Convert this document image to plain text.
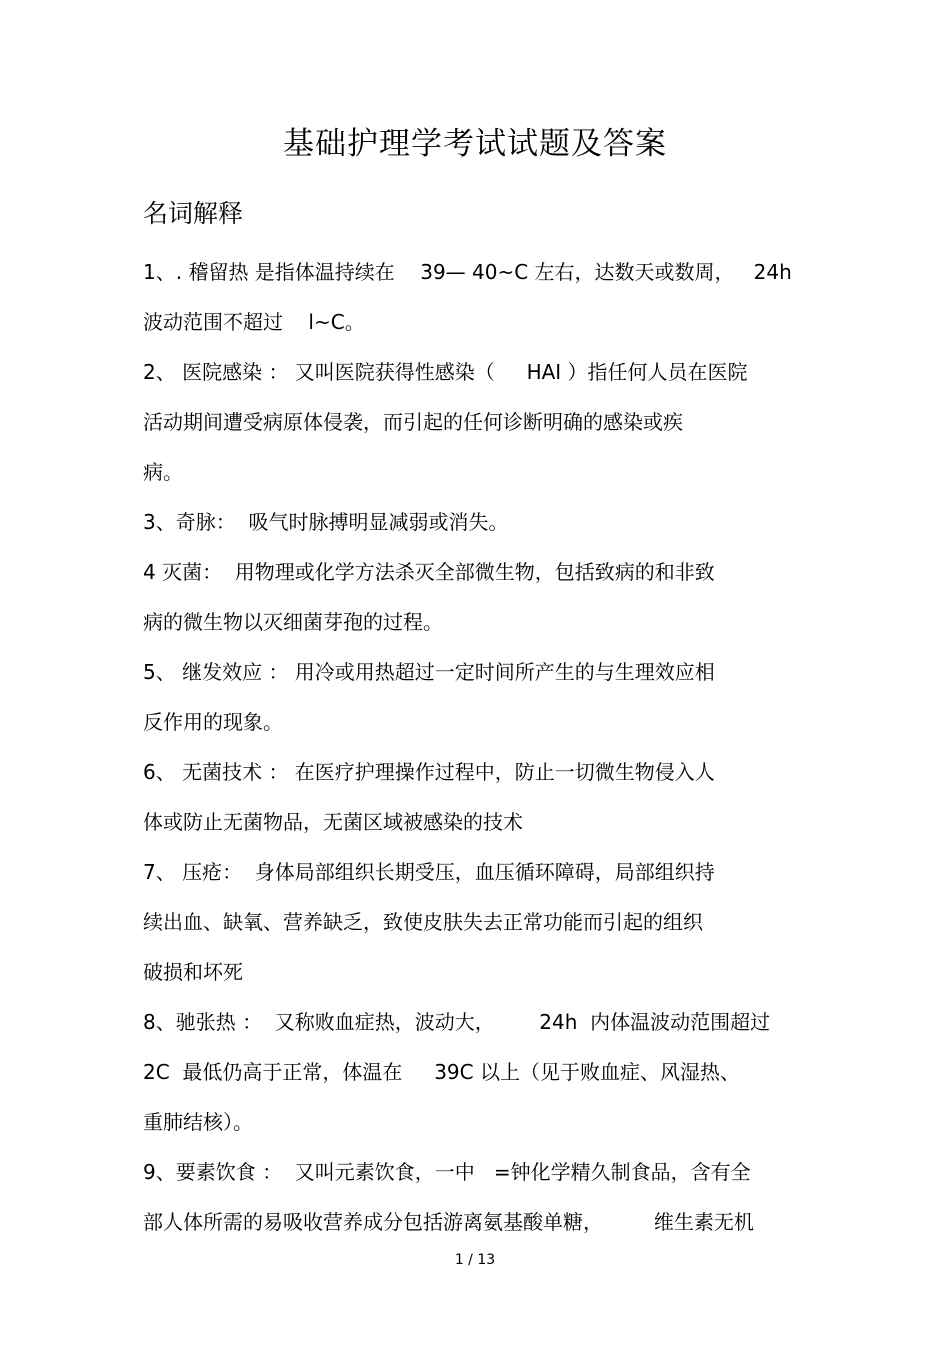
基础护理学考试试题及答案
名词解释
1、. 稽留热 是指体温持续在    39— 40~C 左右，达数天或数周，   24h
波动范围不超过    l~C。
2、 医院感染 ： 又叫医院获得性感染（     HAI ）指任何人员在医院
活动期间遭受病原体侵袭，而引起的任何诊断明确的感染或疾
病。
3、奇脉：  吸气时脉搏明显减弱或消失。
4 灭菌：  用物理或化学方法杀灭全部微生物，包括致病的和非致
病的微生物以灭细菌芽孢的过程。
5、 继发效应 ： 用冷或用热超过一定时间所产生的与生理效应相
反作用的现象。
6、 无菌技术 ： 在医疗护理操作过程中，防止一切微生物侵入人
体或防止无菌物品，无菌区域被感染的技术
7、 压疮：  身体局部组织长期受压，血压循环障碍，局部组织持
续出血、缺氧、营养缺乏，致使皮肤失去正常功能而引起的组织
破损和坏死
8、驰张热 ：  又称败血症热，波动大，       24h  内体温波动范围超过
2C  最低仍高于正常，体温在     39C 以上（见于败血症、风湿热、
重肺结核）。
9、要素饮食 ：  又叫元素饮食，一中   =钟化学精久制食品，含有全
部人体所需的易吸收营养成分包括游离氨基酸单糖，        维生素无机
1 / 13
